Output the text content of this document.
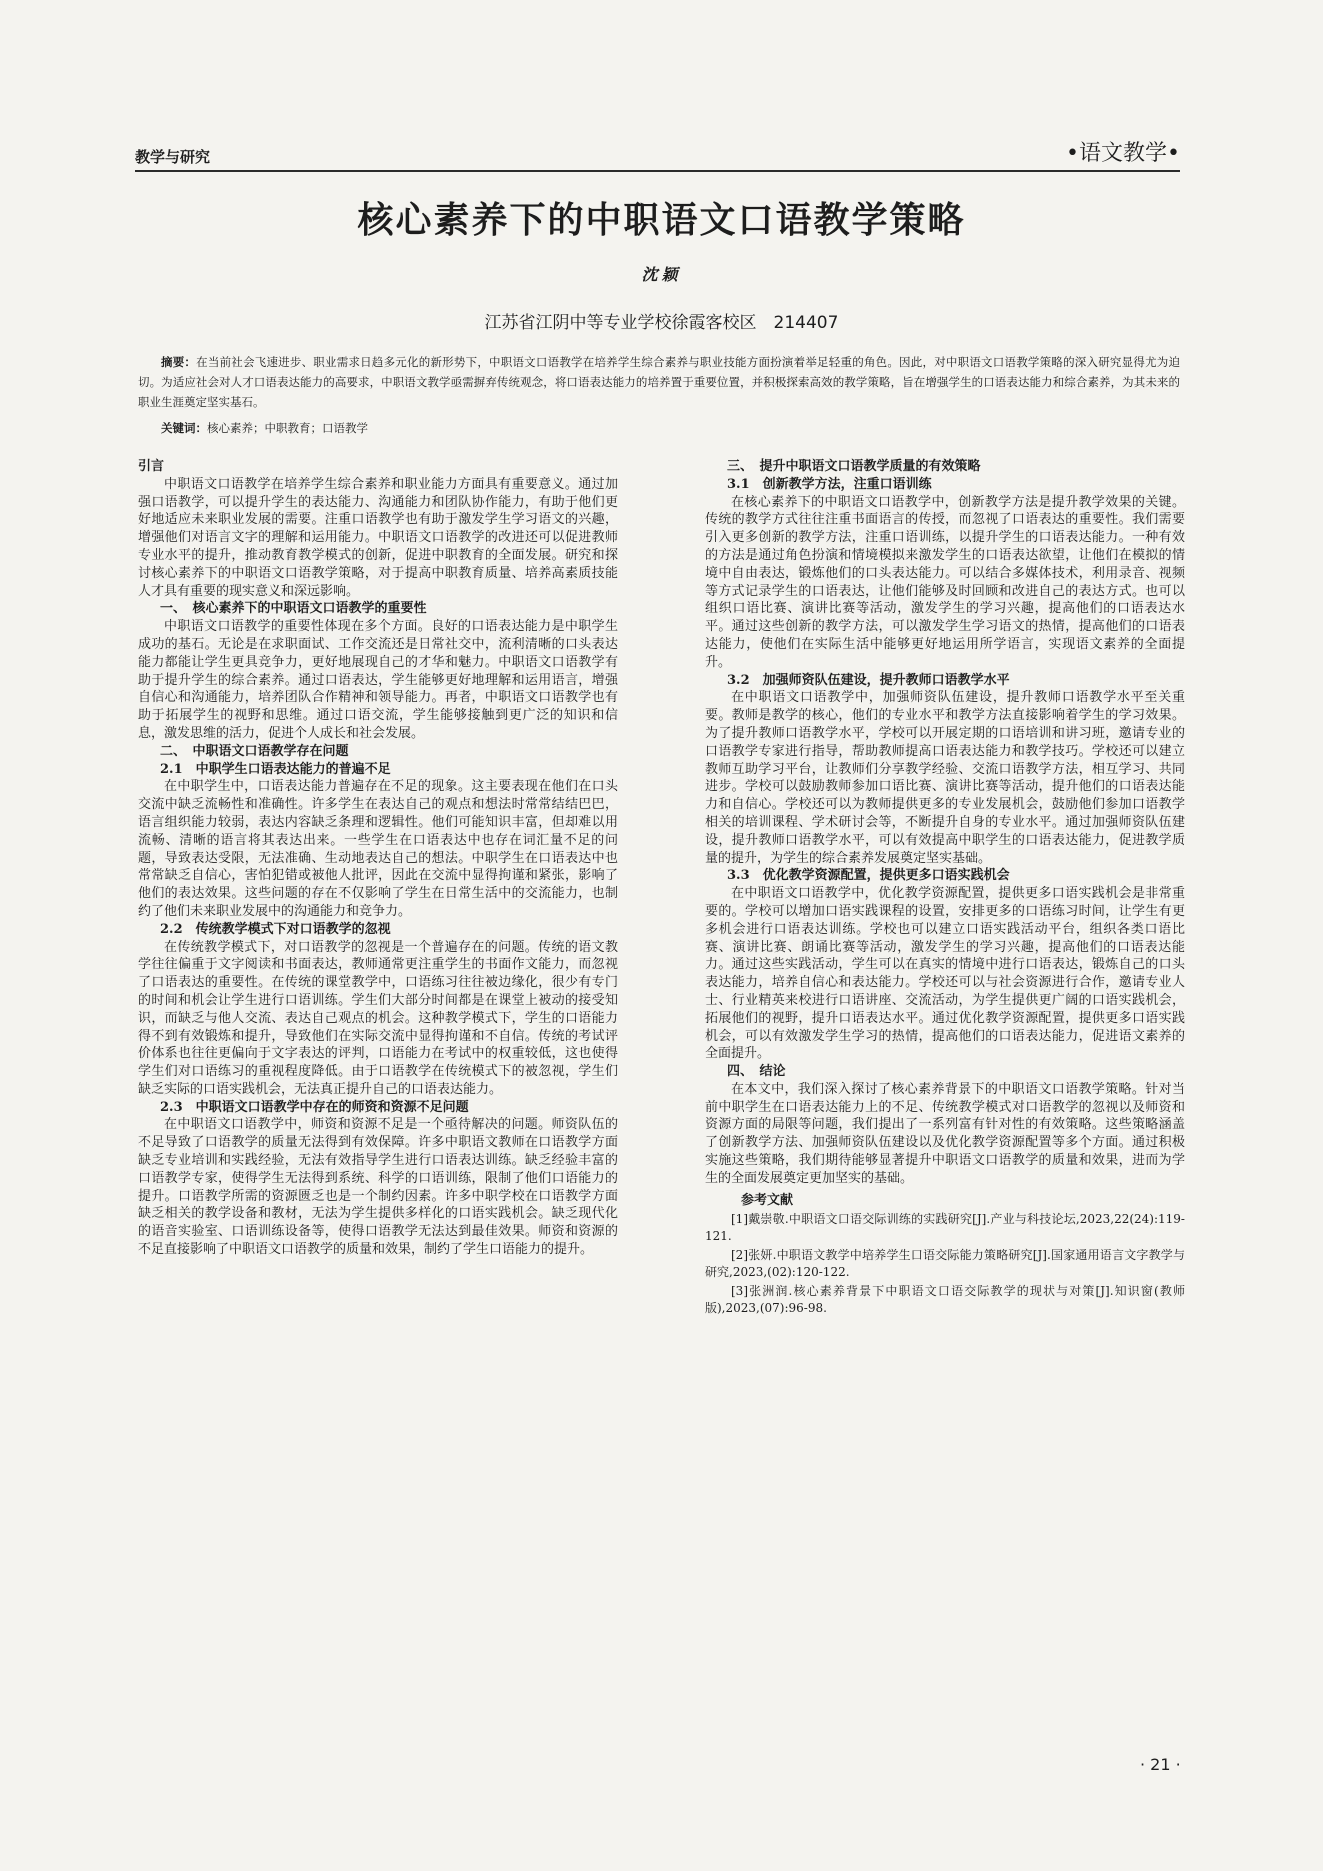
教学与研究	•语文教学•
核心素养下的中职语文口语教学策略
沈颖
江苏省江阴中等专业学校徐霞客校区　214407
摘要：在当前社会飞速进步、职业需求日趋多元化的新形势下，中职语文口语教学在培养学生综合素养与职业技能方面扮演着举足轻重的角色。因此，对中职语文口语教学策略的深入研究显得尤为迫切。为适应社会对人才口语表达能力的高要求，中职语文教学亟需摒弃传统观念，将口语表达能力的培养置于重要位置，并积极探索高效的教学策略，旨在增强学生的口语表达能力和综合素养，为其未来的职业生涯奠定坚实基石。
关键词：核心素养；中职教育；口语教学

引言

中职语文口语教学在培养学生综合素养和职业能力方面具有重要意义。通过加强口语教学，可以提升学生的表达能力、沟通能力和团队协作能力，有助于他们更好地适应未来职业发展的需要。注重口语教学也有助于激发学生学习语文的兴趣，增强他们对语言文字的理解和运用能力。中职语文口语教学的改进还可以促进教师专业水平的提升，推动教育教学模式的创新，促进中职教育的全面发展。研究和探讨核心素养下的中职语文口语教学策略，对于提高中职教育质量、培养高素质技能人才具有重要的现实意义和深远影响。

一、　核心素养下的中职语文口语教学的重要性

中职语文口语教学的重要性体现在多个方面。良好的口语表达能力是中职学生成功的基石。无论是在求职面试、工作交流还是日常社交中，流利清晰的口头表达能力都能让学生更具竞争力，更好地展现自己的才华和魅力。中职语文口语教学有助于提升学生的综合素养。通过口语表达，学生能够更好地理解和运用语言，增强自信心和沟通能力，培养团队合作精神和领导能力。再者，中职语文口语教学也有助于拓展学生的视野和思维。通过口语交流，学生能够接触到更广泛的知识和信息，激发思维的活力，促进个人成长和社会发展。

二、　中职语文口语教学存在问题

2.1　中职学生口语表达能力的普遍不足

在中职学生中，口语表达能力普遍存在不足的现象。这主要表现在他们在口头交流中缺乏流畅性和准确性。许多学生在表达自己的观点和想法时常常结结巴巴，语言组织能力较弱，表达内容缺乏条理和逻辑性。他们可能知识丰富，但却难以用流畅、清晰的语言将其表达出来。一些学生在口语表达中也存在词汇量不足的问题，导致表达受限，无法准确、生动地表达自己的想法。中职学生在口语表达中也常常缺乏自信心，害怕犯错或被他人批评，因此在交流中显得拘谨和紧张，影响了他们的表达效果。这些问题的存在不仅影响了学生在日常生活中的交流能力，也制约了他们未来职业发展中的沟通能力和竞争力。

2.2　传统教学模式下对口语教学的忽视

在传统教学模式下，对口语教学的忽视是一个普遍存在的问题。传统的语文教学往往偏重于文字阅读和书面表达，教师通常更注重学生的书面作文能力，而忽视了口语表达的重要性。在传统的课堂教学中，口语练习往往被边缘化，很少有专门的时间和机会让学生进行口语训练。学生们大部分时间都是在课堂上被动的接受知识，而缺乏与他人交流、表达自己观点的机会。这种教学模式下，学生的口语能力得不到有效锻炼和提升，导致他们在实际交流中显得拘谨和不自信。传统的考试评价体系也往往更偏向于文字表达的评判，口语能力在考试中的权重较低，这也使得学生们对口语练习的重视程度降低。由于口语教学在传统模式下的被忽视，学生们缺乏实际的口语实践机会，无法真正提升自己的口语表达能力。

2.3　中职语文口语教学中存在的师资和资源不足问题

在中职语文口语教学中，师资和资源不足是一个亟待解决的问题。师资队伍的不足导致了口语教学的质量无法得到有效保障。许多中职语文教师在口语教学方面缺乏专业培训和实践经验，无法有效指导学生进行口语表达训练。缺乏经验丰富的口语教学专家，使得学生无法得到系统、科学的口语训练，限制了他们口语能力的提升。口语教学所需的资源匮乏也是一个制约因素。许多中职学校在口语教学方面缺乏相关的教学设备和教材，无法为学生提供多样化的口语实践机会。缺乏现代化的语音实验室、口语训练设备等，使得口语教学无法达到最佳效果。师资和资源的不足直接影响了中职语文口语教学的质量和效果，制约了学生口语能力的提升。

三、　提升中职语文口语教学质量的有效策略

3.1　创新教学方法，注重口语训练

在核心素养下的中职语文口语教学中，创新教学方法是提升教学效果的关键。传统的教学方式往往注重书面语言的传授，而忽视了口语表达的重要性。我们需要引入更多创新的教学方法，注重口语训练，以提升学生的口语表达能力。一种有效的方法是通过角色扮演和情境模拟来激发学生的口语表达欲望，让他们在模拟的情境中自由表达，锻炼他们的口头表达能力。可以结合多媒体技术，利用录音、视频等方式记录学生的口语表达，让他们能够及时回顾和改进自己的表达方式。也可以组织口语比赛、演讲比赛等活动，激发学生的学习兴趣，提高他们的口语表达水平。通过这些创新的教学方法，可以激发学生学习语文的热情，提高他们的口语表达能力，使他们在实际生活中能够更好地运用所学语言，实现语文素养的全面提升。

3.2　加强师资队伍建设，提升教师口语教学水平

在中职语文口语教学中，加强师资队伍建设，提升教师口语教学水平至关重要。教师是教学的核心，他们的专业水平和教学方法直接影响着学生的学习效果。为了提升教师口语教学水平，学校可以开展定期的口语培训和讲习班，邀请专业的口语教学专家进行指导，帮助教师提高口语表达能力和教学技巧。学校还可以建立教师互助学习平台，让教师们分享教学经验、交流口语教学方法，相互学习、共同进步。学校可以鼓励教师参加口语比赛、演讲比赛等活动，提升他们的口语表达能力和自信心。学校还可以为教师提供更多的专业发展机会，鼓励他们参加口语教学相关的培训课程、学术研讨会等，不断提升自身的专业水平。通过加强师资队伍建设，提升教师口语教学水平，可以有效提高中职学生的口语表达能力，促进教学质量的提升，为学生的综合素养发展奠定坚实基础。

3.3　优化教学资源配置，提供更多口语实践机会

在中职语文口语教学中，优化教学资源配置，提供更多口语实践机会是非常重要的。学校可以增加口语实践课程的设置，安排更多的口语练习时间，让学生有更多机会进行口语表达训练。学校也可以建立口语实践活动平台，组织各类口语比赛、演讲比赛、朗诵比赛等活动，激发学生的学习兴趣，提高他们的口语表达能力。通过这些实践活动，学生可以在真实的情境中进行口语表达，锻炼自己的口头表达能力，培养自信心和表达能力。学校还可以与社会资源进行合作，邀请专业人士、行业精英来校进行口语讲座、交流活动，为学生提供更广阔的口语实践机会，拓展他们的视野，提升口语表达水平。通过优化教学资源配置，提供更多口语实践机会，可以有效激发学生学习的热情，提高他们的口语表达能力，促进语文素养的全面提升。

四、　结论

在本文中，我们深入探讨了核心素养背景下的中职语文口语教学策略。针对当前中职学生在口语表达能力上的不足、传统教学模式对口语教学的忽视以及师资和资源方面的局限等问题，我们提出了一系列富有针对性的有效策略。这些策略涵盖了创新教学方法、加强师资队伍建设以及优化教学资源配置等多个方面。通过积极实施这些策略，我们期待能够显著提升中职语文口语教学的质量和效果，进而为学生的全面发展奠定更加坚实的基础。

参考文献

[1]戴崇敬.中职语文口语交际训练的实践研究[J].产业与科技论坛,2023,22(24):119-121.

[2]张妍.中职语文教学中培养学生口语交际能力策略研究[J].国家通用语言文字教学与研究,2023,(02):120-122.

[3]张洲润.核心素养背景下中职语文口语交际教学的现状与对策[J].知识窗(教师版),2023,(07):96-98.

· 21 ·
